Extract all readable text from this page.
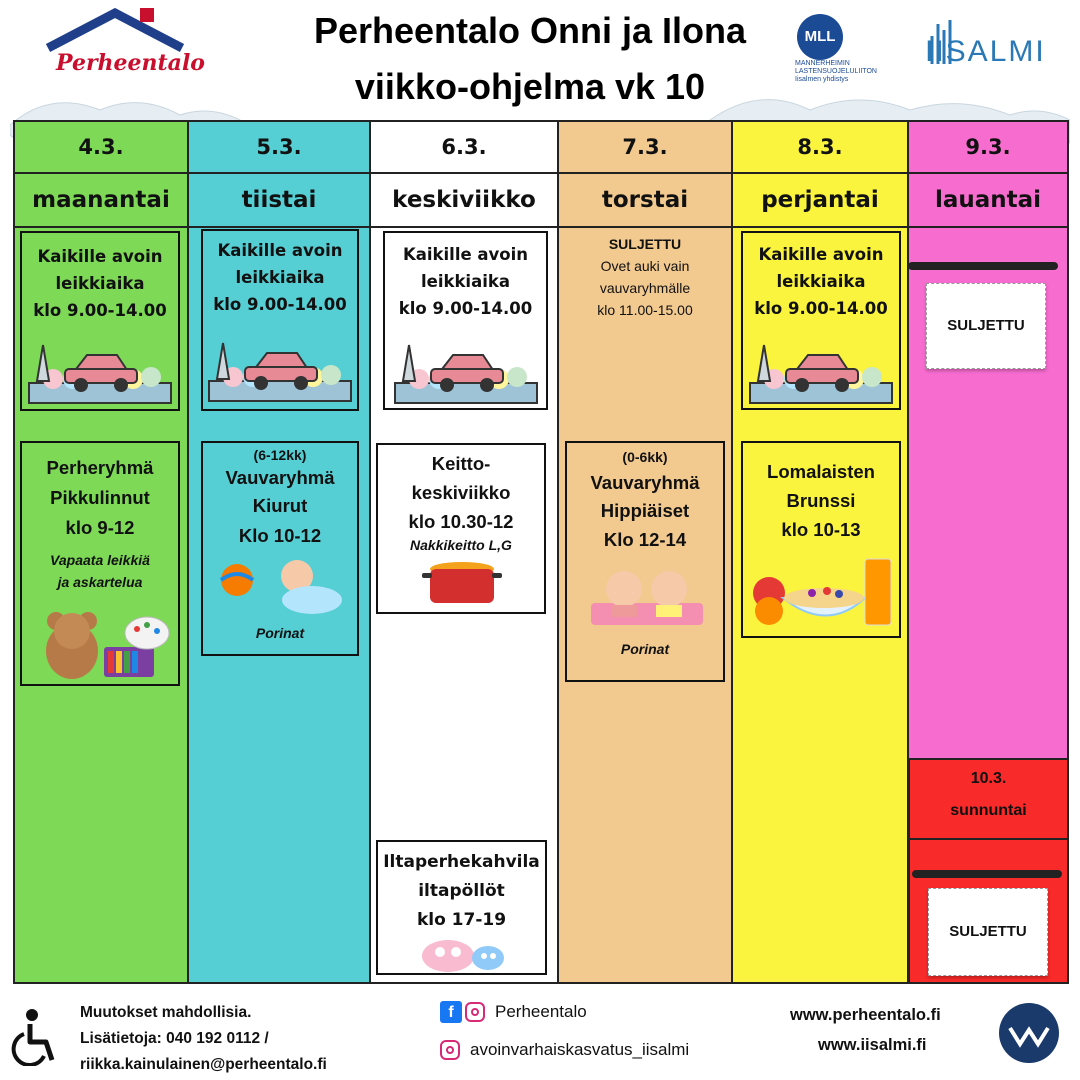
Perheentalo
Perheentalo Onni ja Ilona
viikko-ohjelma vk 10
MLL
MANNERHEIMIN LASTENSUOJELULIITON Iisalmen yhdistys
IISALMI
4.3.
maanantai
5.3.
tiistai
6.3.
keskiviikko
7.3.
torstai
8.3.
perjantai
9.3.
lauantai
Kaikille avoin
leikkiaika
klo 9.00-14.00
Kaikille avoin
leikkiaika
klo 9.00-14.00
Kaikille avoin
leikkiaika
klo 9.00-14.00
SULJETTU
Ovet auki vain
vauvaryhmälle
klo 11.00-15.00
Kaikille avoin
leikkiaika
klo 9.00-14.00
SULJETTU
Perheryhmä
Pikkulinnut
klo 9-12
Vapaata leikkiä
ja askartelua
(6-12kk)
Vauvaryhmä
Kiurut
Klo 10-12
Porinat
Keitto-
keskiviikko
klo 10.30-12
Nakkikeitto L,G
(0-6kk)
Vauvaryhmä
Hippiäiset
Klo 12-14
Porinat
Lomalaisten
Brunssi
klo 10-13
Iltaperhekahvila
iltapöllöt
klo 17-19
10.3.
sunnuntai
SULJETTU
Muutokset mahdollisia.
Lisätietoja: 040 192 0112 /
riikka.kainulainen@perheentalo.fi
f	Perheentalo
avoinvarhaiskasvatus_iisalmi
www.perheentalo.fi
www.iisalmi.fi
